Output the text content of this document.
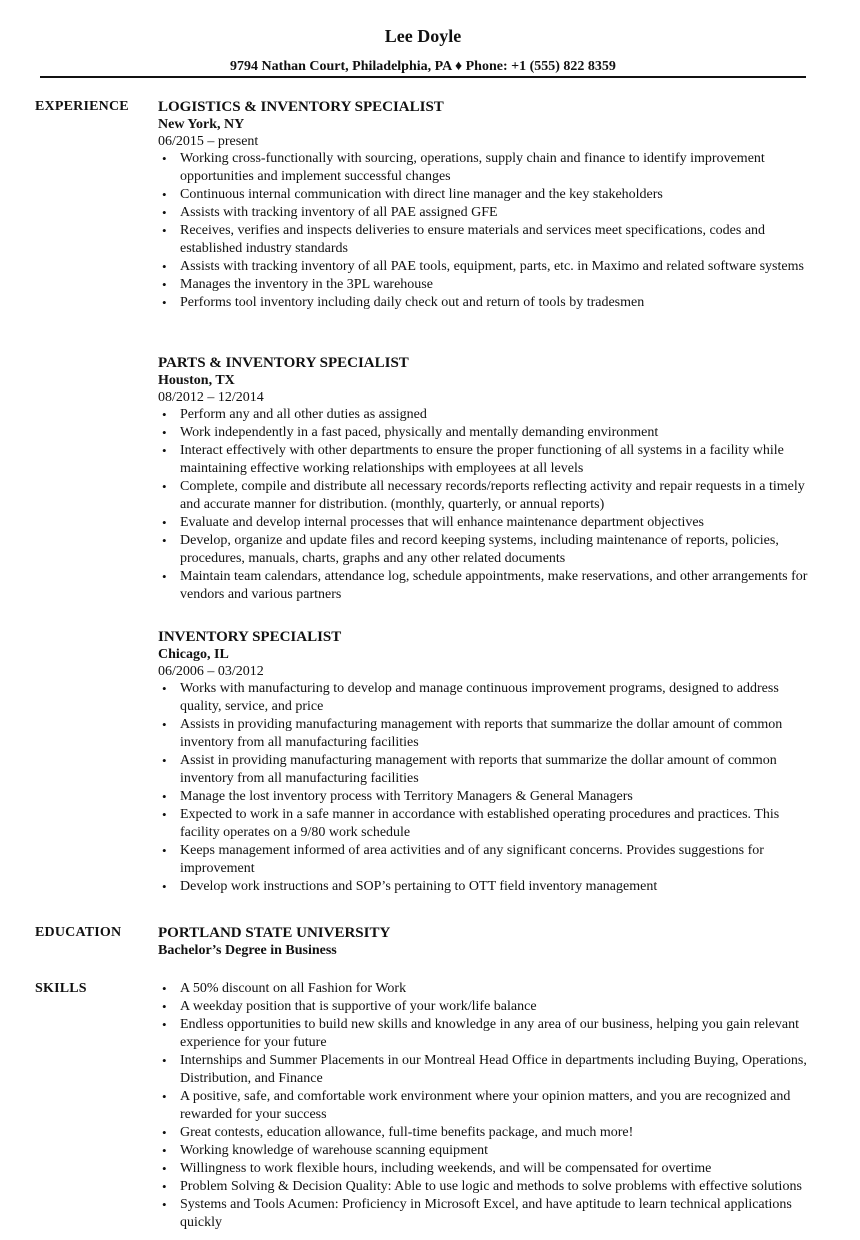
Lee Doyle
9794 Nathan Court, Philadelphia, PA ♦ Phone: +1 (555) 822 8359
EXPERIENCE LOGISTICS & INVENTORY SPECIALIST
New York, NY
06/2015 – present
• Working cross-functionally with sourcing, operations, supply chain and finance to identify improvement opportunities and implement successful changes
• Continuous internal communication with direct line manager and the key stakeholders
• Assists with tracking inventory of all PAE assigned GFE
• Receives, verifies and inspects deliveries to ensure materials and services meet specifications, codes and established industry standards
• Assists with tracking inventory of all PAE tools, equipment, parts, etc. in Maximo and related software systems
• Manages the inventory in the 3PL warehouse
• Performs tool inventory including daily check out and return of tools by tradesmen
PARTS & INVENTORY SPECIALIST
Houston, TX
08/2012 – 12/2014
• Perform any and all other duties as assigned
• Work independently in a fast paced, physically and mentally demanding environment
• Interact effectively with other departments to ensure the proper functioning of all systems in a facility while maintaining effective working relationships with employees at all levels
• Complete, compile and distribute all necessary records/reports reflecting activity and repair requests in a timely and accurate manner for distribution. (monthly, quarterly, or annual reports)
• Evaluate and develop internal processes that will enhance maintenance department objectives
• Develop, organize and update files and record keeping systems, including maintenance of reports, policies, procedures, manuals, charts, graphs and any other related documents
• Maintain team calendars, attendance log, schedule appointments, make reservations, and other arrangements for vendors and various partners
INVENTORY SPECIALIST
Chicago, IL
06/2006 – 03/2012
• Works with manufacturing to develop and manage continuous improvement programs, designed to address quality, service, and price
• Assists in providing manufacturing management with reports that summarize the dollar amount of common inventory from all manufacturing facilities
• Assist in providing manufacturing management with reports that summarize the dollar amount of common inventory from all manufacturing facilities
• Manage the lost inventory process with Territory Managers & General Managers
• Expected to work in a safe manner in accordance with established operating procedures and practices. This facility operates on a 9/80 work schedule
• Keeps management informed of area activities and of any significant concerns. Provides suggestions for improvement
• Develop work instructions and SOP’s pertaining to OTT field inventory management
EDUCATION PORTLAND STATE UNIVERSITY
Bachelor’s Degree in Business
SKILLS
•	A 50% discount on all Fashion for Work
• A weekday position that is supportive of your work/life balance
• Endless opportunities to build new skills and knowledge in any area of our business, helping you gain relevant experience for your future
• Internships and Summer Placements in our Montreal Head Office in departments including Buying, Operations, Distribution, and Finance
• A positive, safe, and comfortable work environment where your opinion matters, and you are recognized and rewarded for your success
• Great contests, education allowance, full-time benefits package, and much more!
• Working knowledge of warehouse scanning equipment
• Willingness to work flexible hours, including weekends, and will be compensated for overtime
• Problem Solving & Decision Quality: Able to use logic and methods to solve problems with effective solutions
• Systems and Tools Acumen: Proficiency in Microsoft Excel, and have aptitude to learn technical applications quickly
